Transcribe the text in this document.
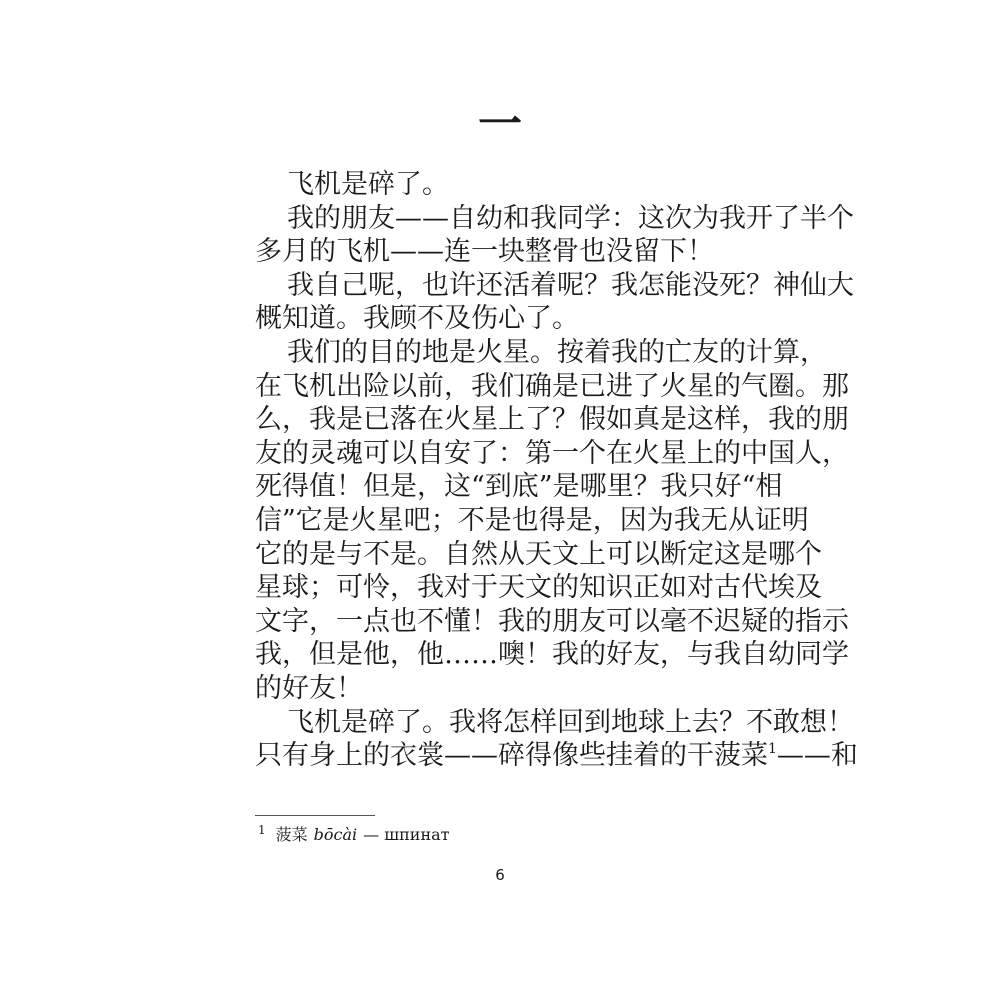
一
飞机是碎了。
我的朋友——自幼和我同学：这次为我开了半个
多月的飞机——连一块整骨也没留下！
我自己呢，也许还活着呢？我怎能没死？神仙大
概知道。我顾不及伤心了。
我们的目的地是火星。按着我的亡友的计算，
在飞机出险以前，我们确是已进了火星的气圈。那
么，我是已落在火星上了？假如真是这样，我的朋
友的灵魂可以自安了：第一个在火星上的中国人，
死得值！但是，这“到底”是哪里？我只好“相
信”它是火星吧；不是也得是，因为我无从证明
它的是与不是。自然从天文上可以断定这是哪个
星球；可怜，我对于天文的知识正如对古代埃及
文字，一点也不懂！我的朋友可以毫不迟疑的指示
我，但是他，他……噢！我的好友，与我自幼同学
的好友！
飞机是碎了。我将怎样回到地球上去？不敢想！
只有身上的衣裳——碎得像些挂着的干菠菜$^1$——和
$^1$ 菠菜 bōcài — шпинат
6
